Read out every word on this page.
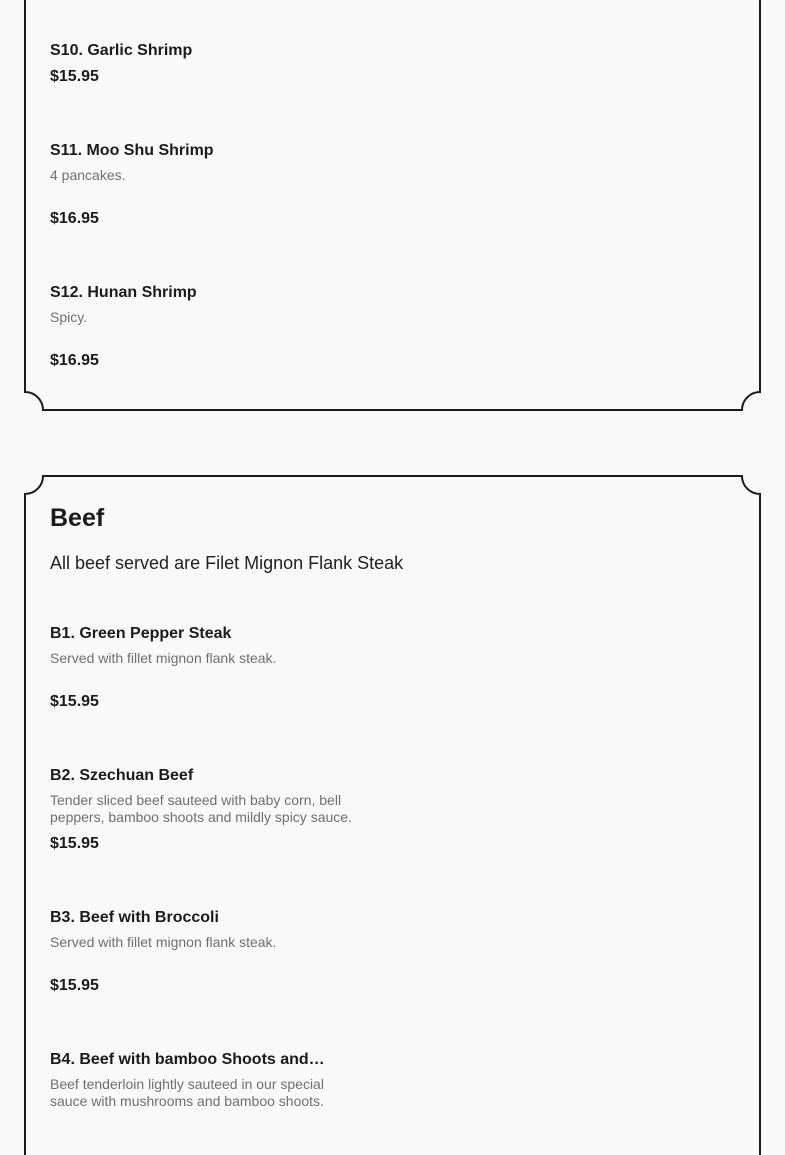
S10. Garlic Shrimp
$15.95
S11. Moo Shu Shrimp
4 pancakes.
$16.95
S12. Hunan Shrimp
Spicy.
$16.95
Beef
All beef served are Filet Mignon Flank Steak
B1. Green Pepper Steak
Served with fillet mignon flank steak.
$15.95
B2. Szechuan Beef
Tender sliced beef sauteed with baby corn, bell peppers, bamboo shoots and mildly spicy sauce.
$15.95
B3. Beef with Broccoli
Served with fillet mignon flank steak.
$15.95
B4. Beef with bamboo Shoots and…
Beef tenderloin lightly sauteed in our special sauce with mushrooms and bamboo shoots.
